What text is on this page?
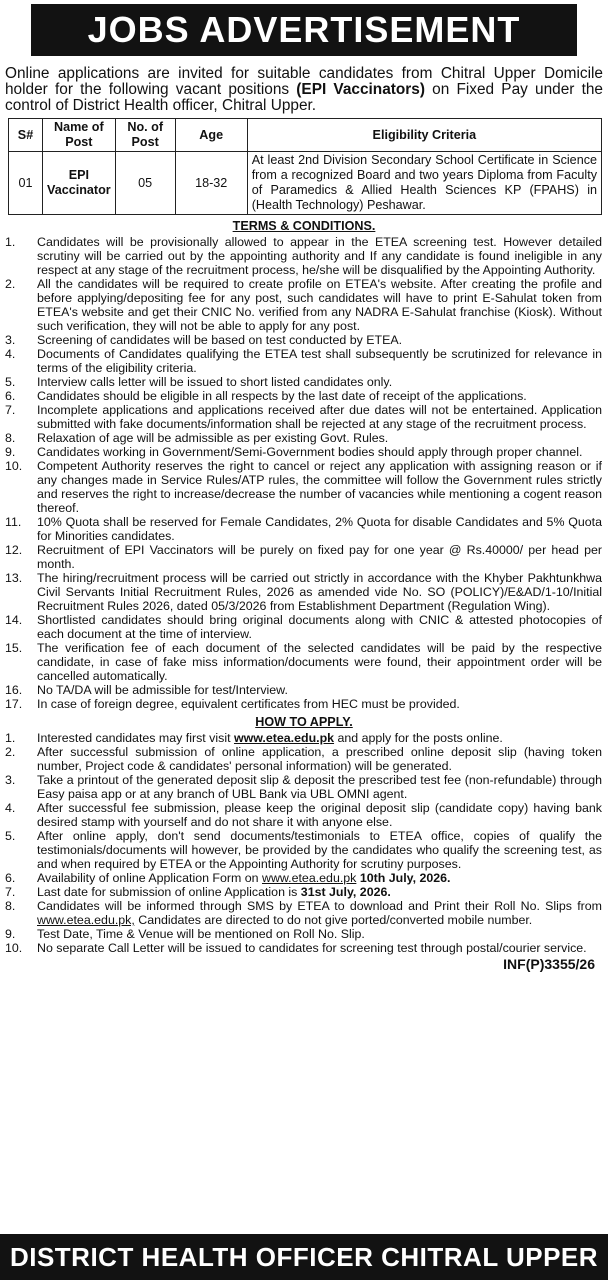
JOBS ADVERTISEMENT
Online applications are invited for suitable candidates from Chitral Upper Domicile holder for the following vacant positions (EPI Vaccinators) on Fixed Pay under the control of District Health officer, Chitral Upper.
S#	Name of Post	No. of Post	Age	Eligibility Criteria
01	EPI Vaccinator	05	18-32	At least 2nd Division Secondary School Certificate in Science from a recognized Board and two years Diploma from Faculty of Paramedics & Allied Health Sciences KP (FPAHS) in (Health Technology) Peshawar.
TERMS & CONDITIONS.
1. Candidates will be provisionally allowed to appear in the ETEA screening test. However detailed scrutiny will be carried out by the appointing authority and If any candidate is found ineligible in any respect at any stage of the recruitment process, he/she will be disqualified by the Appointing Authority.
2. All the candidates will be required to create profile on ETEA's website. After creating the profile and before applying/depositing fee for any post, such candidates will have to print E-Sahulat token from ETEA's website and get their CNIC No. verified from any NADRA E-Sahulat franchise (Kiosk). Without such verification, they will not be able to apply for any post.
3. Screening of candidates will be based on test conducted by ETEA.
4. Documents of Candidates qualifying the ETEA test shall subsequently be scrutinized for relevance in terms of the eligibility criteria.
5. Interview calls letter will be issued to short listed candidates only.
6. Candidates should be eligible in all respects by the last date of receipt of the applications.
7. Incomplete applications and applications received after due dates will not be entertained. Application submitted with fake documents/information shall be rejected at any stage of the recruitment process.
8. Relaxation of age will be admissible as per existing Govt. Rules.
9. Candidates working in Government/Semi-Government bodies should apply through proper channel.
10. Competent Authority reserves the right to cancel or reject any application with assigning reason or if any changes made in Service Rules/ATP rules, the committee will follow the Government rules strictly and reserves the right to increase/decrease the number of vacancies while mentioning a cogent reason thereof.
11. 10% Quota shall be reserved for Female Candidates, 2% Quota for disable Candidates and 5% Quota for Minorities candidates.
12. Recruitment of EPI Vaccinators will be purely on fixed pay for one year @ Rs.40000/ per head per month.
13. The hiring/recruitment process will be carried out strictly in accordance with the Khyber Pakhtunkhwa Civil Servants Initial Recruitment Rules, 2026 as amended vide No. SO (POLICY)/E&AD/1-10/Initial Recruitment Rules 2026, dated 05/3/2026 from Establishment Department (Regulation Wing).
14. Shortlisted candidates should bring original documents along with CNIC & attested photocopies of each document at the time of interview.
15. The verification fee of each document of the selected candidates will be paid by the respective candidate, in case of fake miss information/documents were found, their appointment order will be cancelled automatically.
16. No TA/DA will be admissible for test/Interview.
17. In case of foreign degree, equivalent certificates from HEC must be provided.
HOW TO APPLY.
1. Interested candidates may first visit www.etea.edu.pk and apply for the posts online.
2. After successful submission of online application, a prescribed online deposit slip (having token number, Project code & candidates' personal information) will be generated.
3. Take a printout of the generated deposit slip & deposit the prescribed test fee (non-refundable) through Easy paisa app or at any branch of UBL Bank via UBL OMNI agent.
4. After successful fee submission, please keep the original deposit slip (candidate copy) having bank desired stamp with yourself and do not share it with anyone else.
5. After online apply, don't send documents/testimonials to ETEA office, copies of qualify the testimonials/documents will however, be provided by the candidates who qualify the screening test, as and when required by ETEA or the Appointing Authority for scrutiny purposes.
6. Availability of online Application Form on www.etea.edu.pk 10th July, 2026.
7. Last date for submission of online Application is 31st July, 2026.
8. Candidates will be informed through SMS by ETEA to download and Print their Roll No. Slips from www.etea.edu.pk, Candidates are directed to do not give ported/converted mobile number.
9. Test Date, Time & Venue will be mentioned on Roll No. Slip.
10. No separate Call Letter will be issued to candidates for screening test through postal/courier service.
INF(P)3355/26
DISTRICT HEALTH OFFICER CHITRAL UPPER
